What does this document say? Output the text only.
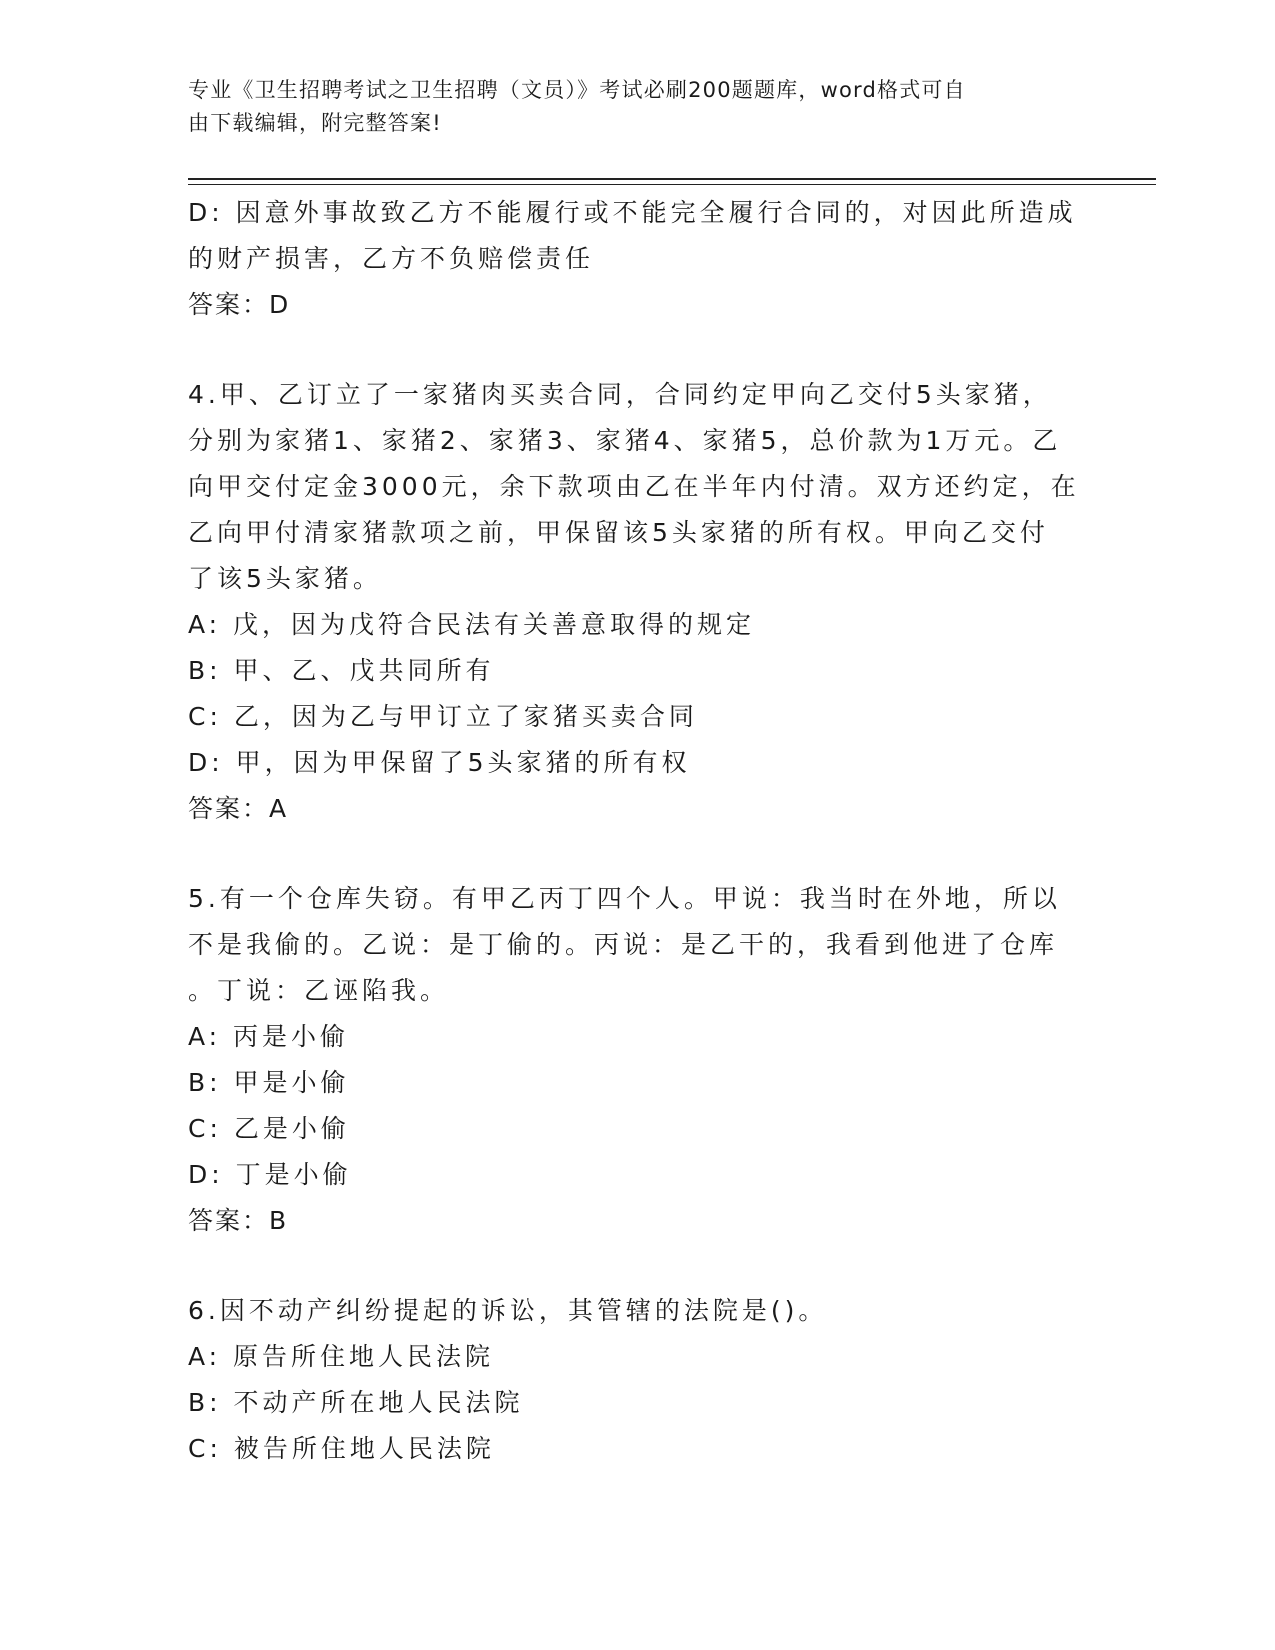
专业《卫生招聘考试之卫生招聘（文员）》考试必刷200题题库，word格式可自
由下载编辑，附完整答案!
D: 因意外事故致乙方不能履行或不能完全履行合同的，对因此所造成
的财产损害，乙方不负赔偿责任
答案：D
4.甲、乙订立了一家猪肉买卖合同，合同约定甲向乙交付5头家猪，
分别为家猪1、家猪2、家猪3、家猪4、家猪5，总价款为1万元。乙
向甲交付定金3000元，余下款项由乙在半年内付清。双方还约定，在
乙向甲付清家猪款项之前，甲保留该5头家猪的所有权。甲向乙交付
了该5头家猪。
A: 戊，因为戊符合民法有关善意取得的规定
B: 甲、乙、戊共同所有
C: 乙，因为乙与甲订立了家猪买卖合同
D: 甲，因为甲保留了5头家猪的所有权
答案：A
5.有一个仓库失窃。有甲乙丙丁四个人。甲说：我当时在外地，所以
不是我偷的。乙说：是丁偷的。丙说：是乙干的，我看到他进了仓库
。丁说：乙诬陷我。
A: 丙是小偷
B: 甲是小偷
C: 乙是小偷
D: 丁是小偷
答案：B
6.因不动产纠纷提起的诉讼，其管辖的法院是()。
A: 原告所住地人民法院
B: 不动产所在地人民法院
C: 被告所住地人民法院
